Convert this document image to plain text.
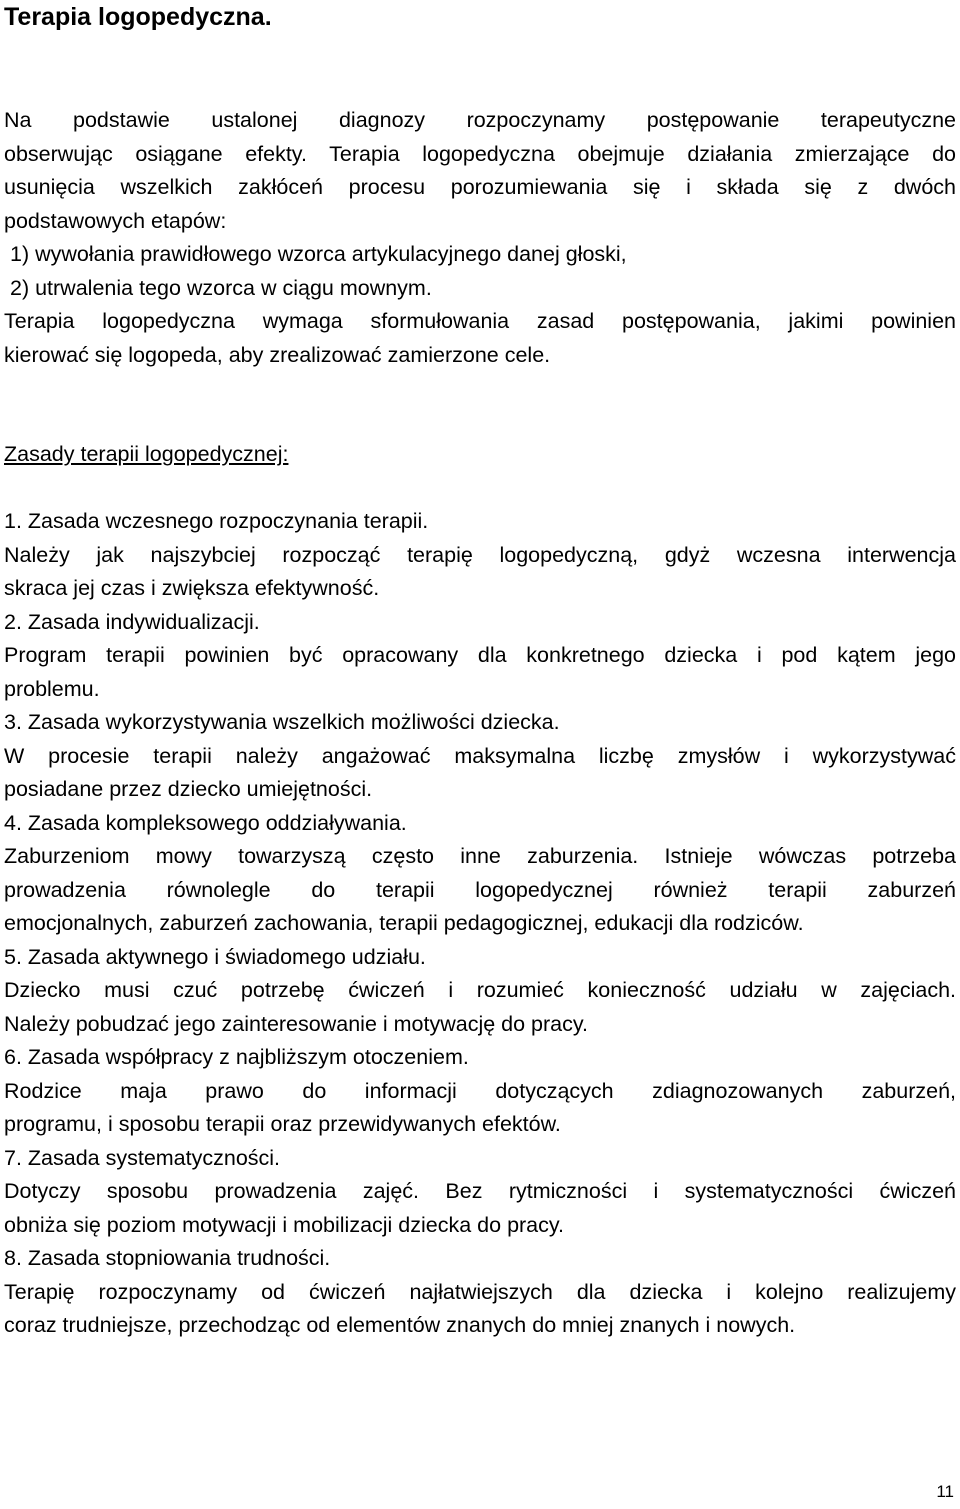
Terapia logopedyczna.
Na podstawie ustalonej diagnozy rozpoczynamy postępowanie terapeutyczne
obserwując osiągane efekty. Terapia logopedyczna obejmuje działania zmierzające do
usunięcia wszelkich zakłóceń procesu porozumiewania się i składa się z dwóch
podstawowych etapów:
1) wywołania prawidłowego wzorca artykulacyjnego danej głoski,
2) utrwalenia tego wzorca w ciągu mownym.
Terapia logopedyczna wymaga sformułowania zasad postępowania, jakimi powinien
kierować się logopeda, aby zrealizować zamierzone cele.
Zasady terapii logopedycznej:
1. Zasada wczesnego rozpoczynania terapii.
Należy jak najszybciej rozpocząć terapię logopedyczną, gdyż wczesna interwencja
skraca jej czas i zwiększa efektywność.
2. Zasada indywidualizacji.
Program terapii powinien być opracowany dla konkretnego dziecka i pod kątem jego
problemu.
3. Zasada wykorzystywania wszelkich możliwości dziecka.
W procesie terapii należy angażować maksymalna liczbę zmysłów i wykorzystywać
posiadane przez dziecko umiejętności.
4. Zasada kompleksowego oddziaływania.
Zaburzeniom mowy towarzyszą często inne zaburzenia. Istnieje wówczas potrzeba
prowadzenia równolegle do terapii logopedycznej również terapii zaburzeń
emocjonalnych, zaburzeń zachowania, terapii pedagogicznej, edukacji dla rodziców.
5. Zasada aktywnego i świadomego udziału.
Dziecko musi czuć potrzebę ćwiczeń i rozumieć konieczność udziału w zajęciach.
Należy pobudzać jego zainteresowanie i motywację do pracy.
6. Zasada współpracy z najbliższym otoczeniem.
Rodzice maja prawo do informacji dotyczących zdiagnozowanych zaburzeń,
programu, i sposobu terapii oraz przewidywanych efektów.
7. Zasada systematyczności.
Dotyczy sposobu prowadzenia zajęć. Bez rytmiczności i systematyczności ćwiczeń
obniża się poziom motywacji i mobilizacji dziecka do pracy.
8. Zasada stopniowania trudności.
Terapię rozpoczynamy od ćwiczeń najłatwiejszych dla dziecka i kolejno realizujemy
coraz trudniejsze, przechodząc od elementów znanych do mniej znanych i nowych.
11
